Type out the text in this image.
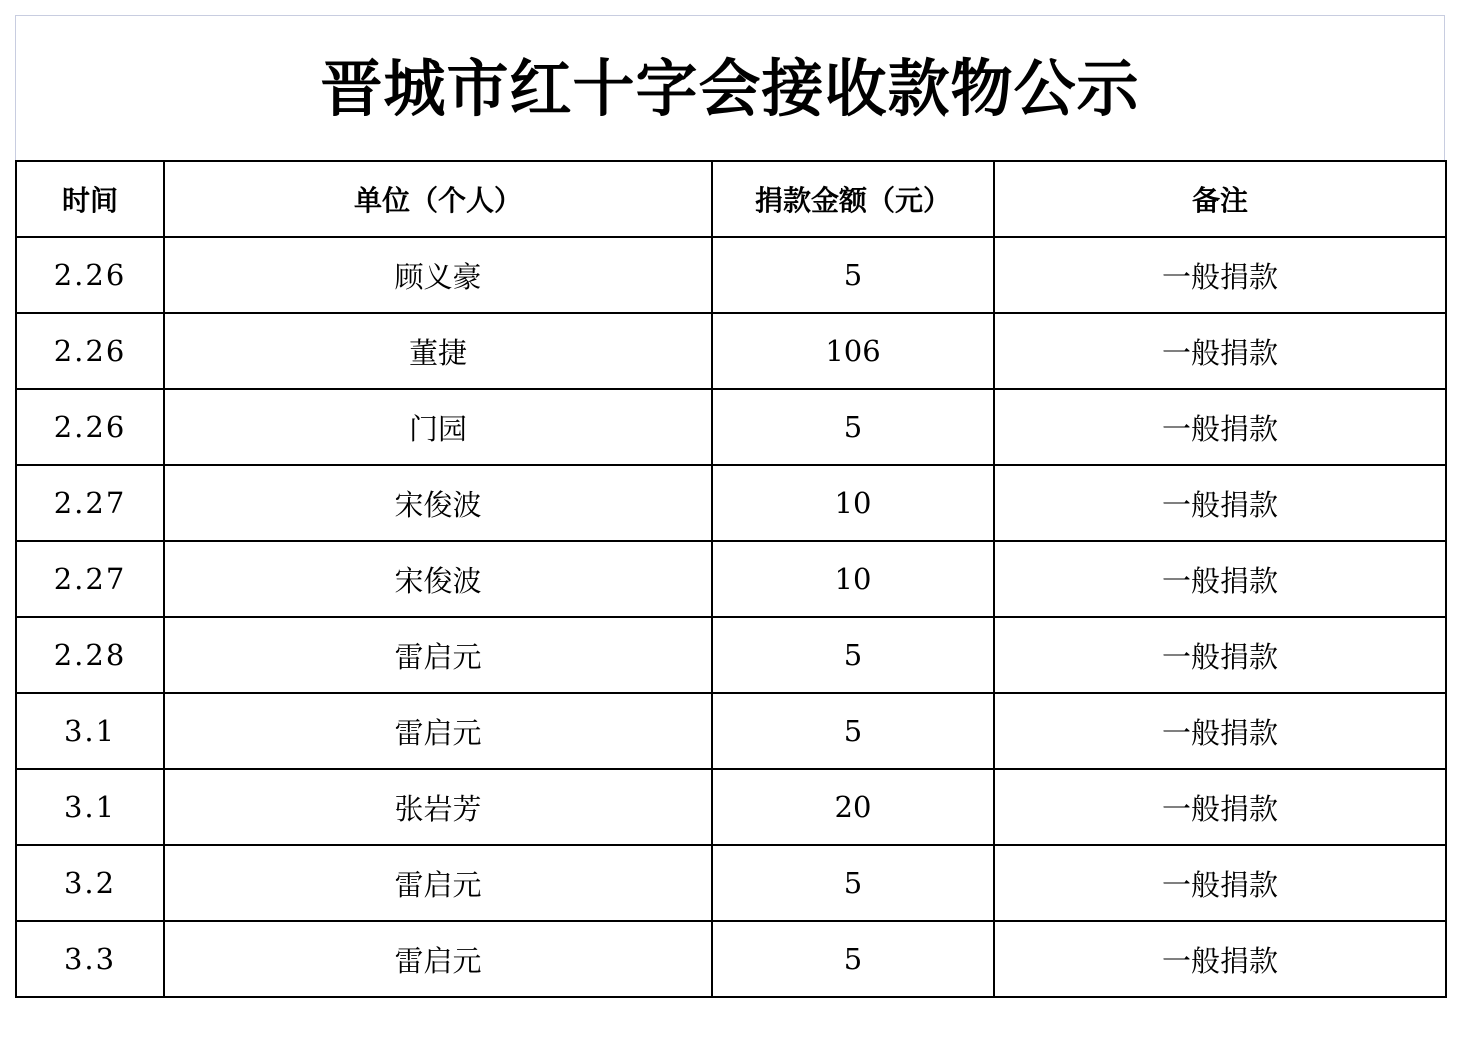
晋城市红十字会接收款物公示
时间	单位（个人）	捐款金额（元）	备注
2.26	顾义豪	5	一般捐款
2.26	董捷	106	一般捐款
2.26	门园	5	一般捐款
2.27	宋俊波	10	一般捐款
2.27	宋俊波	10	一般捐款
2.28	雷启元	5	一般捐款
3.1	雷启元	5	一般捐款
3.1	张岩芳	20	一般捐款
3.2	雷启元	5	一般捐款
3.3	雷启元	5	一般捐款
